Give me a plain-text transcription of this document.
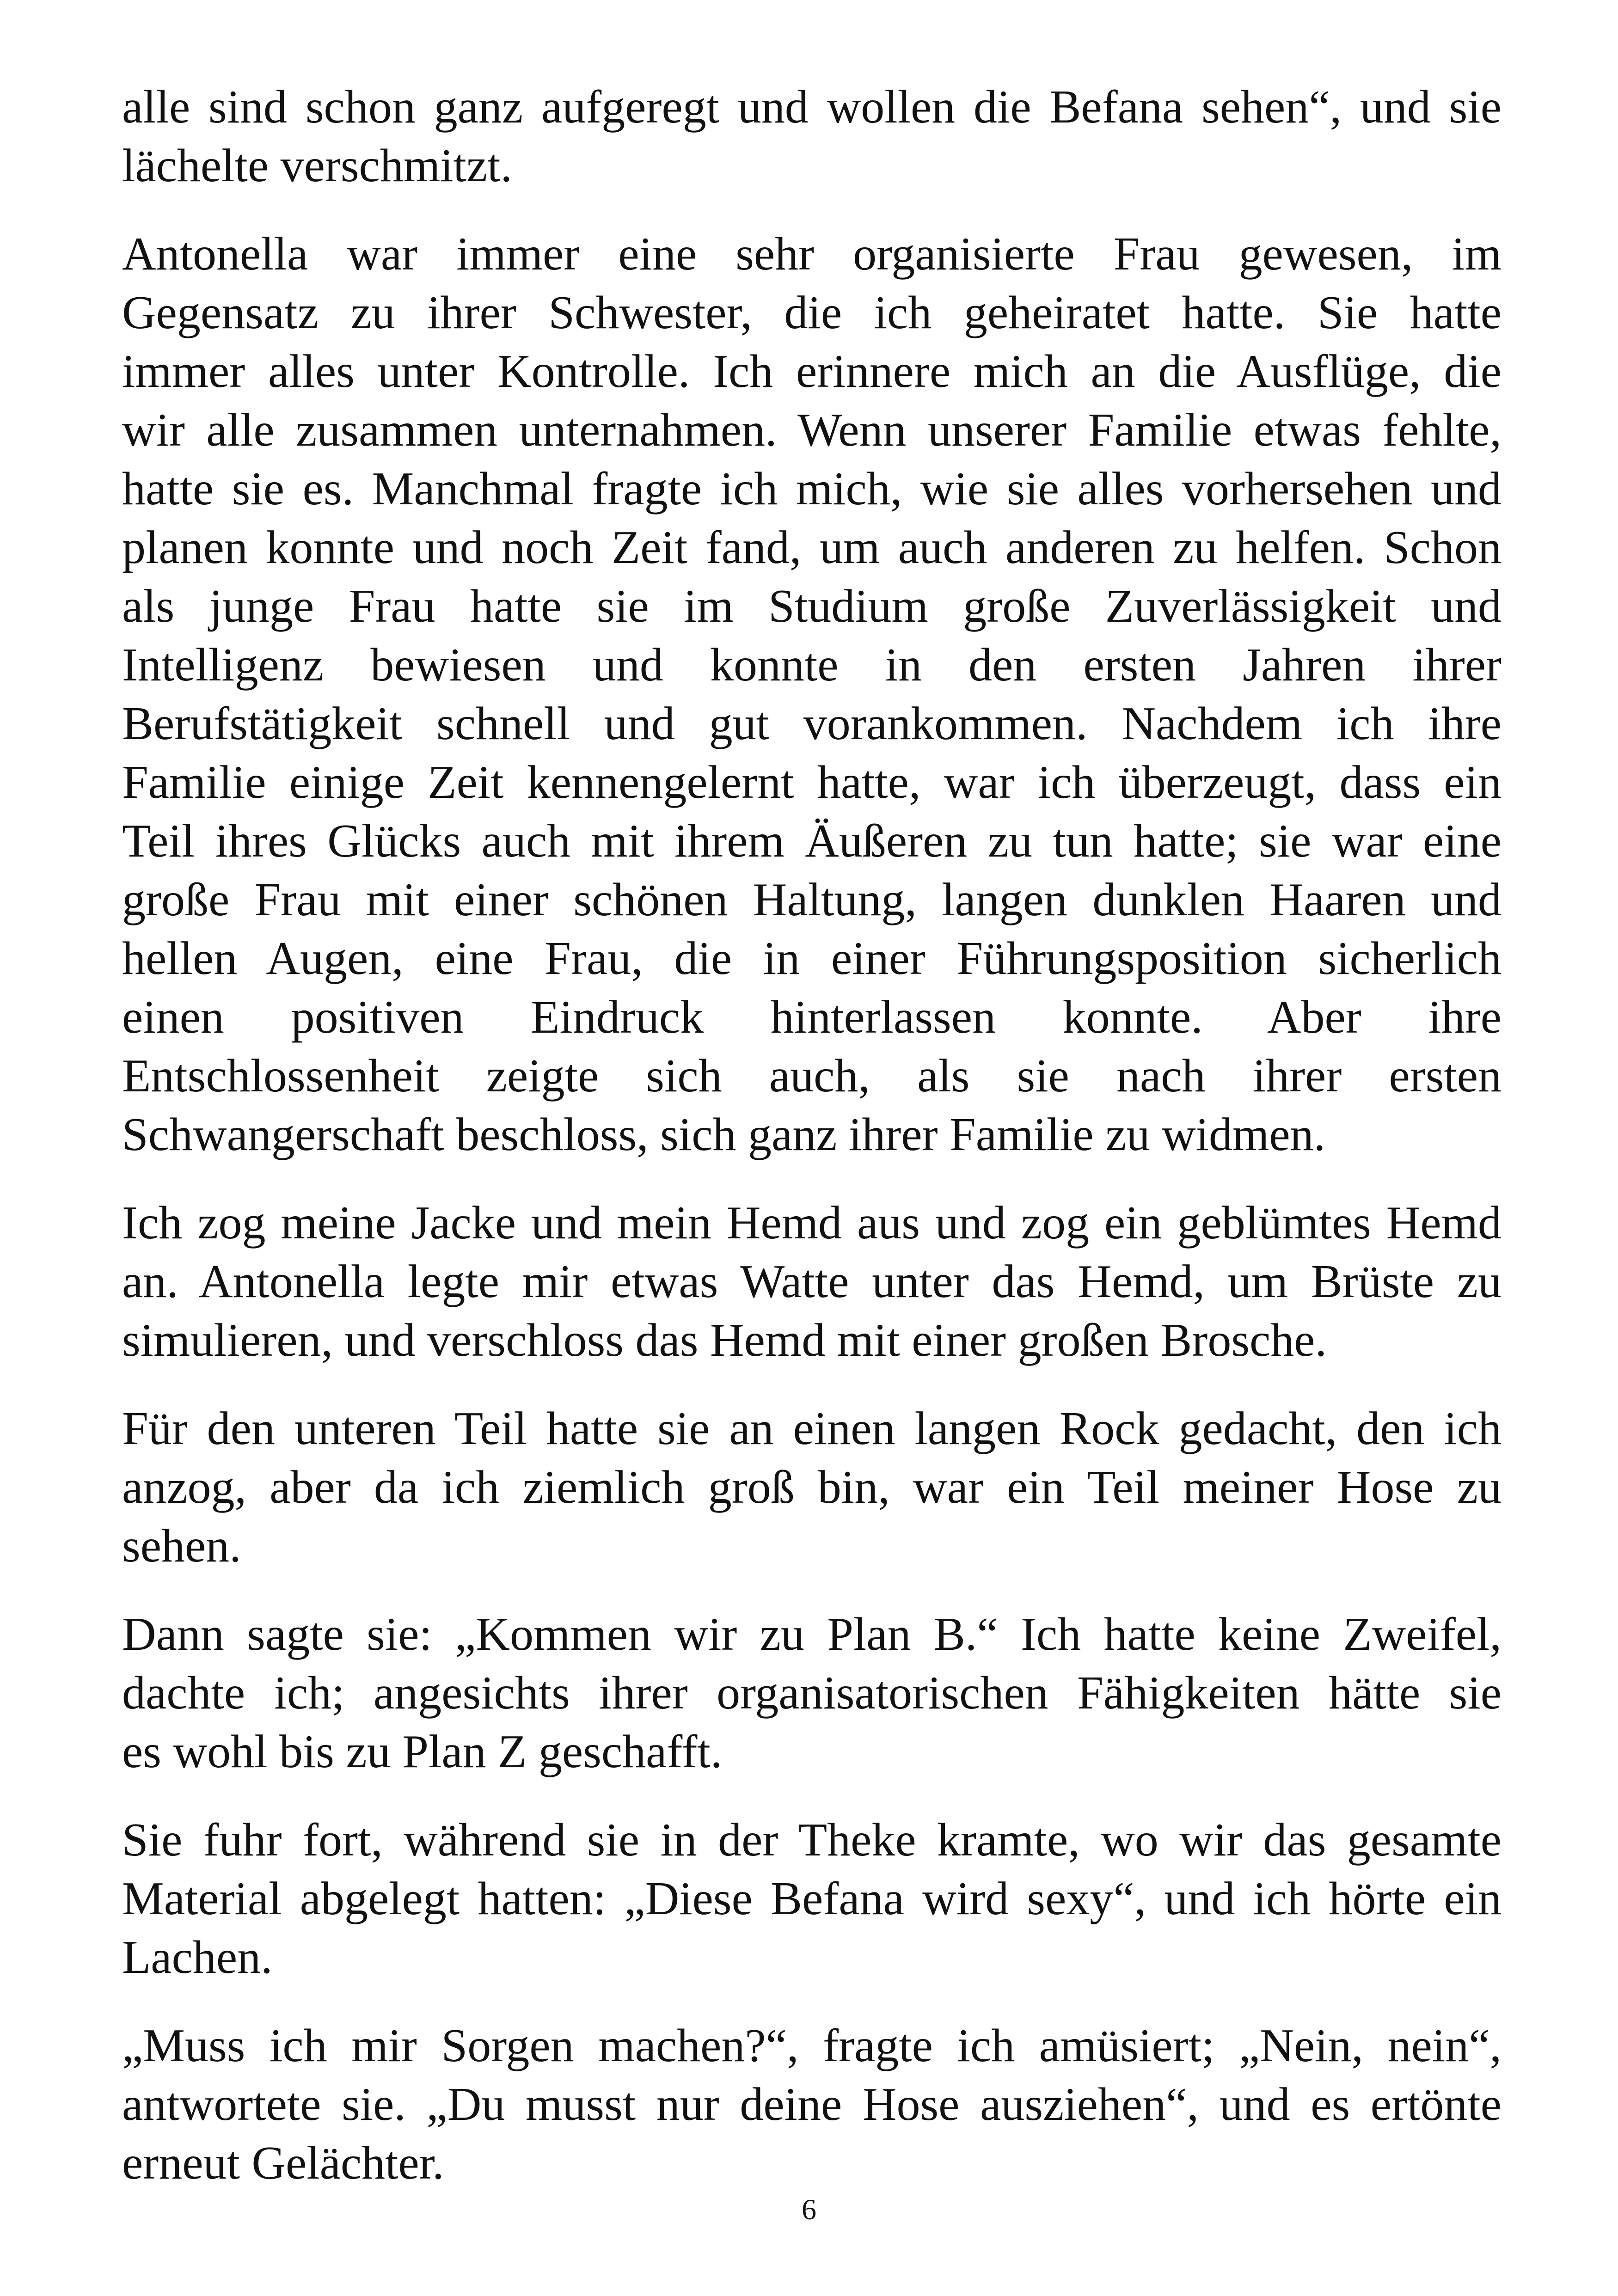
alle sind schon ganz aufgeregt und wollen die Befana sehen“, und sie
lächelte verschmitzt.

Antonella war immer eine sehr organisierte Frau gewesen, im
Gegensatz zu ihrer Schwester, die ich geheiratet hatte. Sie hatte
immer alles unter Kontrolle. Ich erinnere mich an die Ausflüge, die
wir alle zusammen unternahmen. Wenn unserer Familie etwas fehlte,
hatte sie es. Manchmal fragte ich mich, wie sie alles vorhersehen und
planen konnte und noch Zeit fand, um auch anderen zu helfen. Schon
als junge Frau hatte sie im Studium große Zuverlässigkeit und
Intelligenz bewiesen und konnte in den ersten Jahren ihrer
Berufstätigkeit schnell und gut vorankommen. Nachdem ich ihre
Familie einige Zeit kennengelernt hatte, war ich überzeugt, dass ein
Teil ihres Glücks auch mit ihrem Äußeren zu tun hatte; sie war eine
große Frau mit einer schönen Haltung, langen dunklen Haaren und
hellen Augen, eine Frau, die in einer Führungsposition sicherlich
einen positiven Eindruck hinterlassen konnte. Aber ihre
Entschlossenheit zeigte sich auch, als sie nach ihrer ersten
Schwangerschaft beschloss, sich ganz ihrer Familie zu widmen.

Ich zog meine Jacke und mein Hemd aus und zog ein geblümtes Hemd
an. Antonella legte mir etwas Watte unter das Hemd, um Brüste zu
simulieren, und verschloss das Hemd mit einer großen Brosche.

Für den unteren Teil hatte sie an einen langen Rock gedacht, den ich
anzog, aber da ich ziemlich groß bin, war ein Teil meiner Hose zu
sehen.

Dann sagte sie: „Kommen wir zu Plan B.“ Ich hatte keine Zweifel,
dachte ich; angesichts ihrer organisatorischen Fähigkeiten hätte sie
es wohl bis zu Plan Z geschafft.

Sie fuhr fort, während sie in der Theke kramte, wo wir das gesamte
Material abgelegt hatten: „Diese Befana wird sexy“, und ich hörte ein
Lachen.

„Muss ich mir Sorgen machen?“, fragte ich amüsiert; „Nein, nein“,
antwortete sie. „Du musst nur deine Hose ausziehen“, und es ertönte
erneut Gelächter.

6
